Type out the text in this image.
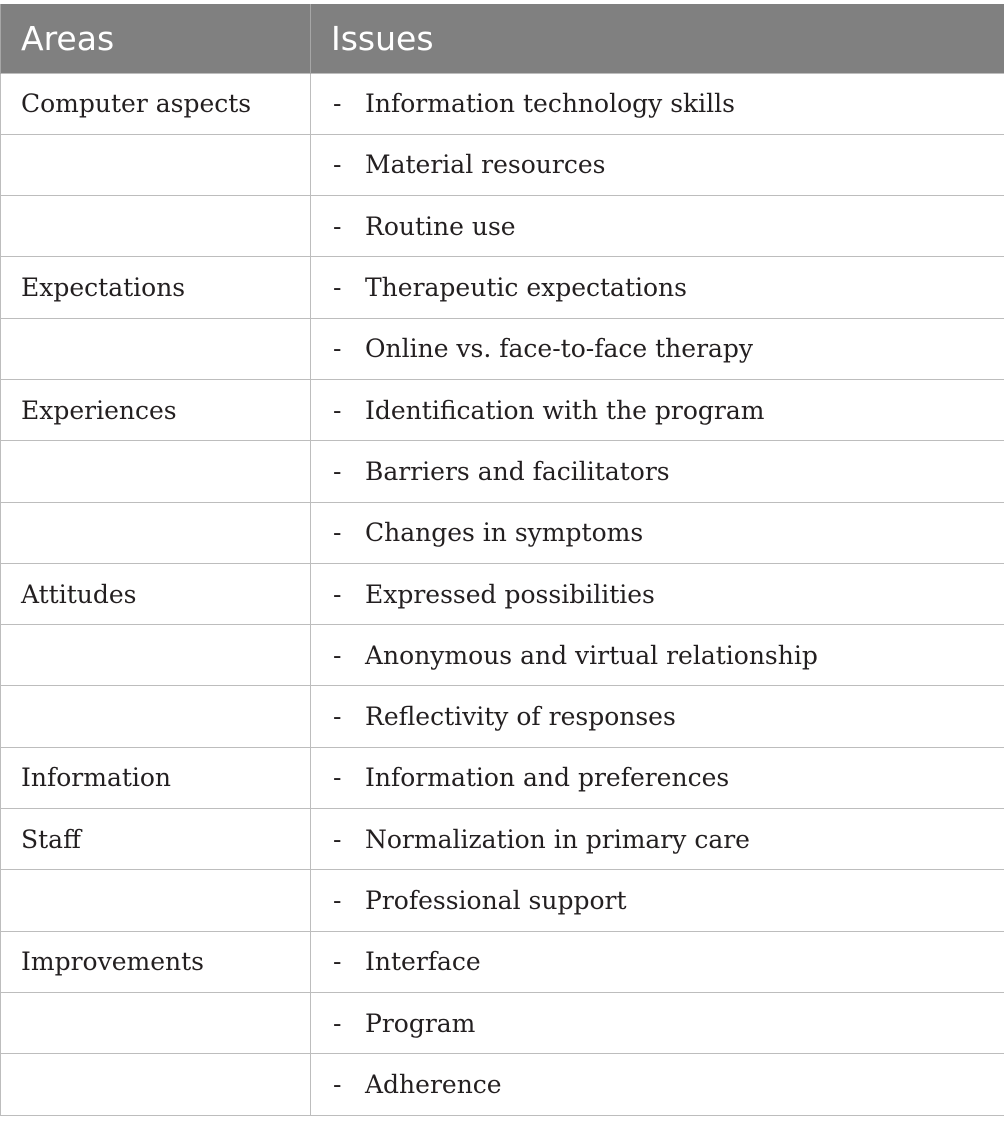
Areas	Issues
Computer aspects	- Information technology skills
	- Material resources
	- Routine use
Expectations	- Therapeutic expectations
	- Online vs. face-to-face therapy
Experiences	- Identification with the program
	- Barriers and facilitators
	- Changes in symptoms
Attitudes	- Expressed possibilities
	- Anonymous and virtual relationship
	- Reflectivity of responses
Information	- Information and preferences
Staff	- Normalization in primary care
	- Professional support
Improvements	- Interface
	- Program
	- Adherence
